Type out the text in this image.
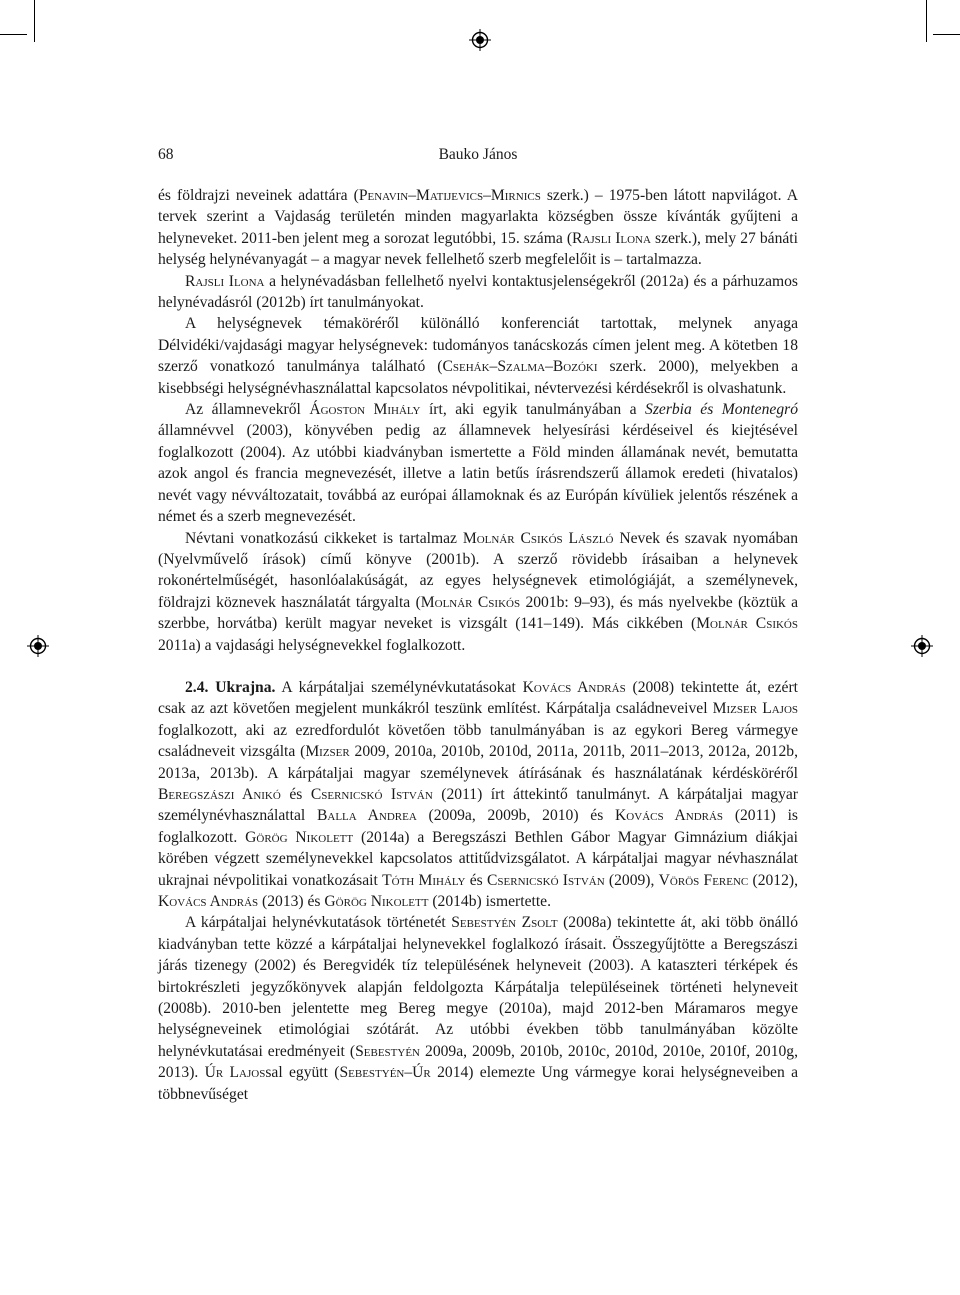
Bauko János
68

és földrajzi neveinek adattára (Penavin–Matijevics–Mirnics szerk.) – 1975-ben látott napvilágot. A tervek szerint a Vajdaság területén minden magyarlakta községben össze kívánták gyűjteni a helyneveket. 2011-ben jelent meg a sorozat legutóbbi, 15. száma (Rajsli Ilona szerk.), mely 27 bánáti helység helynévanyagát – a magyar nevek fellelhető szerb megfelelőit is – tartalmazza.

Rajsli Ilona a helynévadásban fellelhető nyelvi kontaktusjelenségekről (2012a) és a párhuzamos helynévadásról (2012b) írt tanulmányokat.

A helységnevek témaköréről különálló konferenciát tartottak, melynek anyaga Délvidéki/vajdasági magyar helységnevek: tudományos tanácskozás címen jelent meg. A kötetben 18 szerző vonatkozó tanulmánya található (Csehák–Szalma–Bozóki szerk. 2000), melyekben a kisebbségi helységnévhasználattal kapcsolatos névpolitikai, névtervezési kérdésekről is olvashatunk.

Az államnevekről Ágoston Mihály írt, aki egyik tanulmányában a Szerbia és Montenegró államnévvel (2003), könyvében pedig az államnevek helyesírási kérdéseivel és kiejtésével foglalkozott (2004). Az utóbbi kiadványban ismertette a Föld minden államának nevét, bemutatta azok angol és francia megnevezését, illetve a latin betűs írásrendszerű államok eredeti (hivatalos) nevét vagy névváltozatait, továbbá az európai államoknak és az Európán kívüliek jelentős részének a német és a szerb megnevezését.

Névtani vonatkozású cikkeket is tartalmaz Molnár Csikós László Nevek és szavak nyomában (Nyelvművelő írások) című könyve (2001b). A szerző rövidebb írásaiban a helynevek rokonértelműségét, hasonlóalakúságát, az egyes helységnevek etimológiáját, a személynevek, földrajzi köznevek használatát tárgyalta (Molnár Csikós 2001b: 9–93), és más nyelvekbe (köztük a szerbbe, horvátba) került magyar neveket is vizsgált (141–149). Más cikkében (Molnár Csikós 2011a) a vajdasági helységnevekkel foglalkozott.

2.4. Ukrajna. A kárpátaljai személynévkutatásokat Kovács András (2008) tekintette át, ezért csak az azt követően megjelent munkákról teszünk említést. Kárpátalja családneveivel Mizser Lajos foglalkozott, aki az ezredfordulót követően több tanulmányában is az egykori Bereg vármegye családneveit vizsgálta (Mizser 2009, 2010a, 2010b, 2010d, 2011a, 2011b, 2011–2013, 2012a, 2012b, 2013a, 2013b). A kárpátaljai magyar személynevek átírásának és használatának kérdésköréről Beregszászi Anikó és Csernicskó István (2011) írt áttekintő tanulmányt. A kárpátaljai magyar személynévhasználattal Balla Andrea (2009a, 2009b, 2010) és Kovács András (2011) is foglalkozott. Görög Nikolett (2014a) a Beregszászi Bethlen Gábor Magyar Gimnázium diákjai körében végzett személynevekkel kapcsolatos attitűdvizsgálatot. A kárpátaljai magyar névhasználat ukrajnai névpolitikai vonatkozásait Tóth Mihály és Csernicskó István (2009), Vörös Ferenc (2012), Kovács András (2013) és Görög Nikolett (2014b) ismertette.

A kárpátaljai helynévkutatások történetét Sebestyén Zsolt (2008a) tekintette át, aki több önálló kiadványban tette közzé a kárpátaljai helynevekkel foglalkozó írásait. Összegyűjtötte a Beregszászi járás tizenegy (2002) és Beregvidék tíz településének helyneveit (2003). A kataszteri térképek és birtokrészleti jegyzőkönyvek alapján feldolgozta Kárpátalja településeinek történeti helyneveit (2008b). 2010-ben jelentette meg Bereg megye (2010a), majd 2012-ben Máramaros megye helységneveinek etimológiai szótárát. Az utóbbi években több tanulmányában közölte helynévkutatásai eredményeit (Sebestyén 2009a, 2009b, 2010b, 2010c, 2010d, 2010e, 2010f, 2010g, 2013). Úr Lajossal együtt (Sebestyén–Úr 2014) elemezte Ung vármegye korai helységneveiben a többnevűséget
